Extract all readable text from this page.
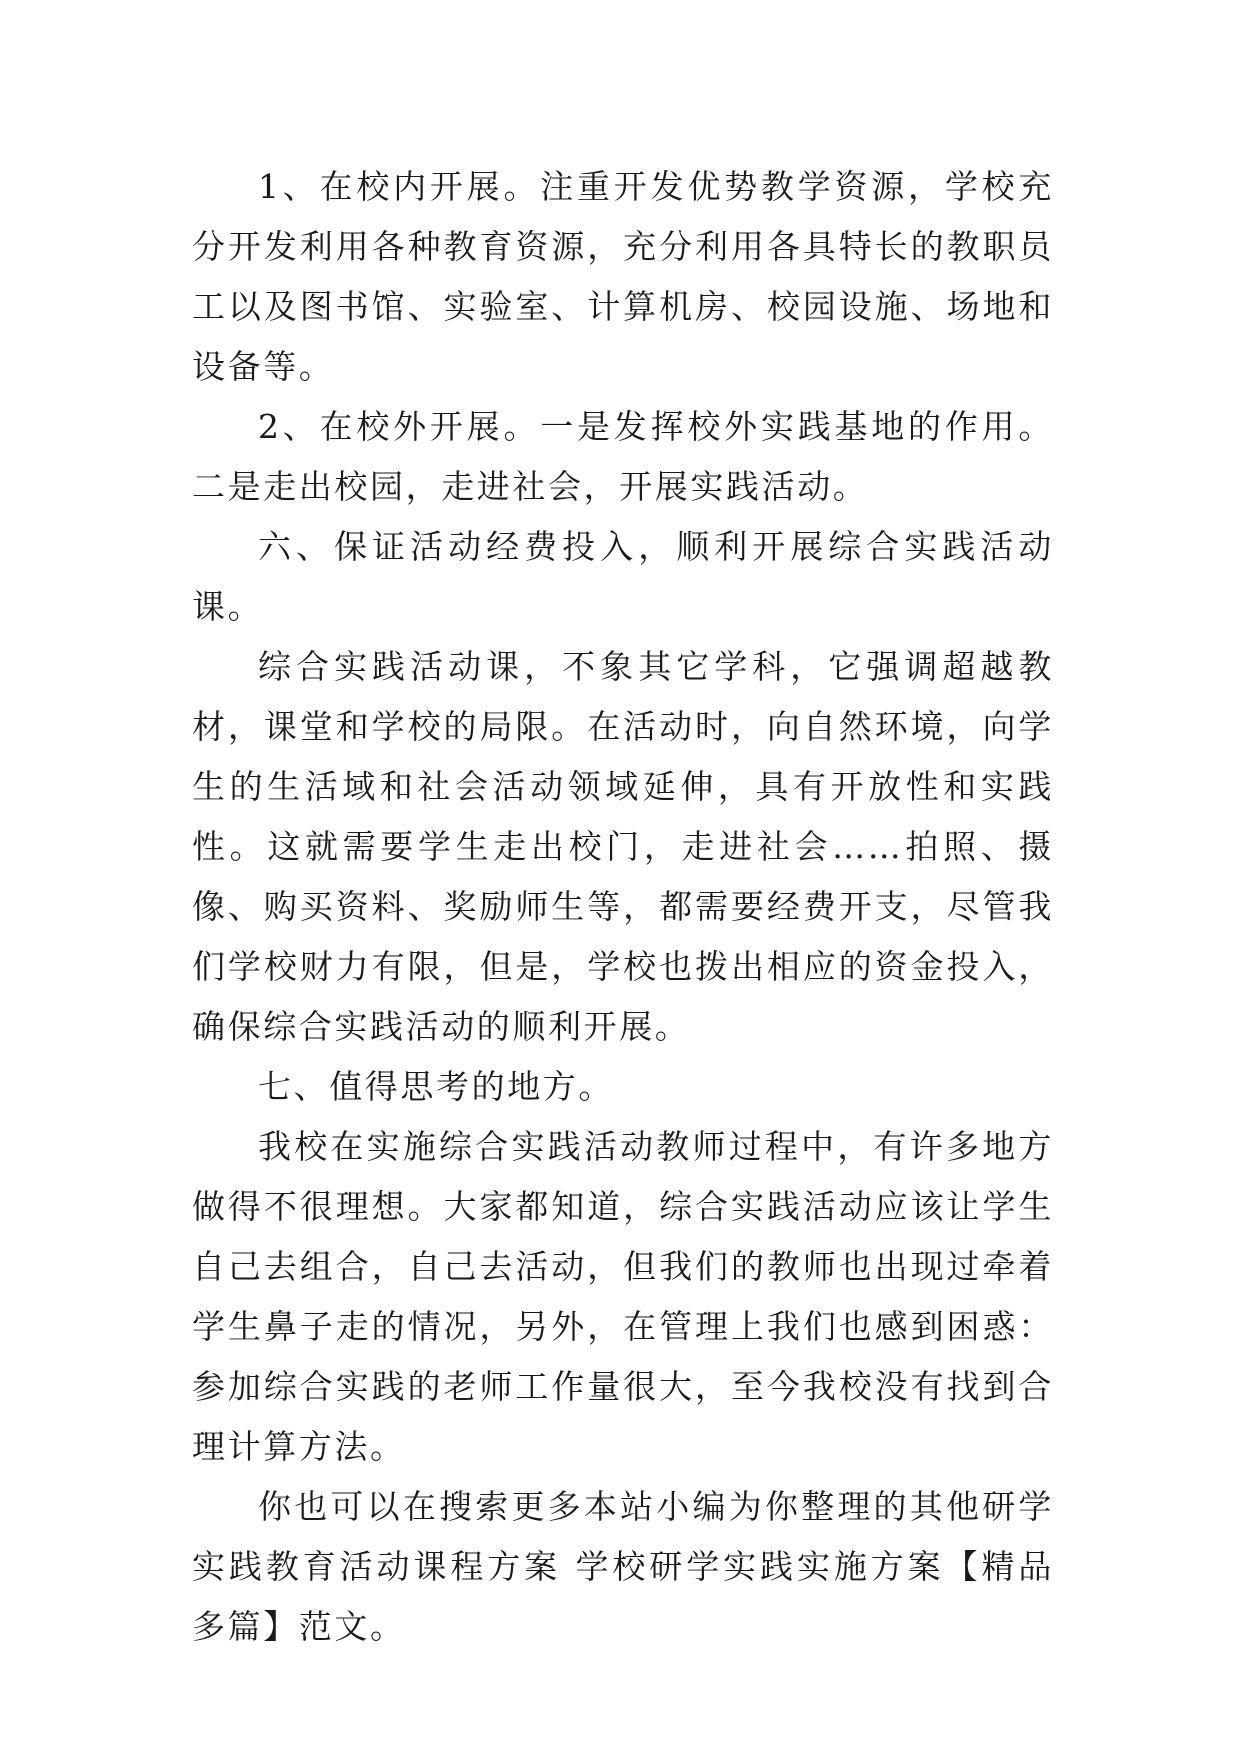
1、在校内开展。注重开发优势教学资源，学校充分开发利用各种教育资源，充分利用各具特长的教职员工以及图书馆、实验室、计算机房、校园设施、场地和设备等。

2、在校外开展。一是发挥校外实践基地的作用。二是走出校园，走进社会，开展实践活动。

六、保证活动经费投入，顺利开展综合实践活动课。

综合实践活动课，不象其它学科，它强调超越教材，课堂和学校的局限。在活动时，向自然环境，向学生的生活域和社会活动领域延伸，具有开放性和实践性。这就需要学生走出校门，走进社会……拍照、摄像、购买资料、奖励师生等，都需要经费开支，尽管我们学校财力有限，但是，学校也拨出相应的资金投入，确保综合实践活动的顺利开展。

七、值得思考的地方。

我校在实施综合实践活动教师过程中，有许多地方做得不很理想。大家都知道，综合实践活动应该让学生自己去组合，自己去活动，但我们的教师也出现过牵着学生鼻子走的情况，另外，在管理上我们也感到困惑：参加综合实践的老师工作量很大，至今我校没有找到合理计算方法。

你也可以在搜索更多本站小编为你整理的其他研学实践教育活动课程方案 学校研学实践实施方案【精品多篇】范文。
